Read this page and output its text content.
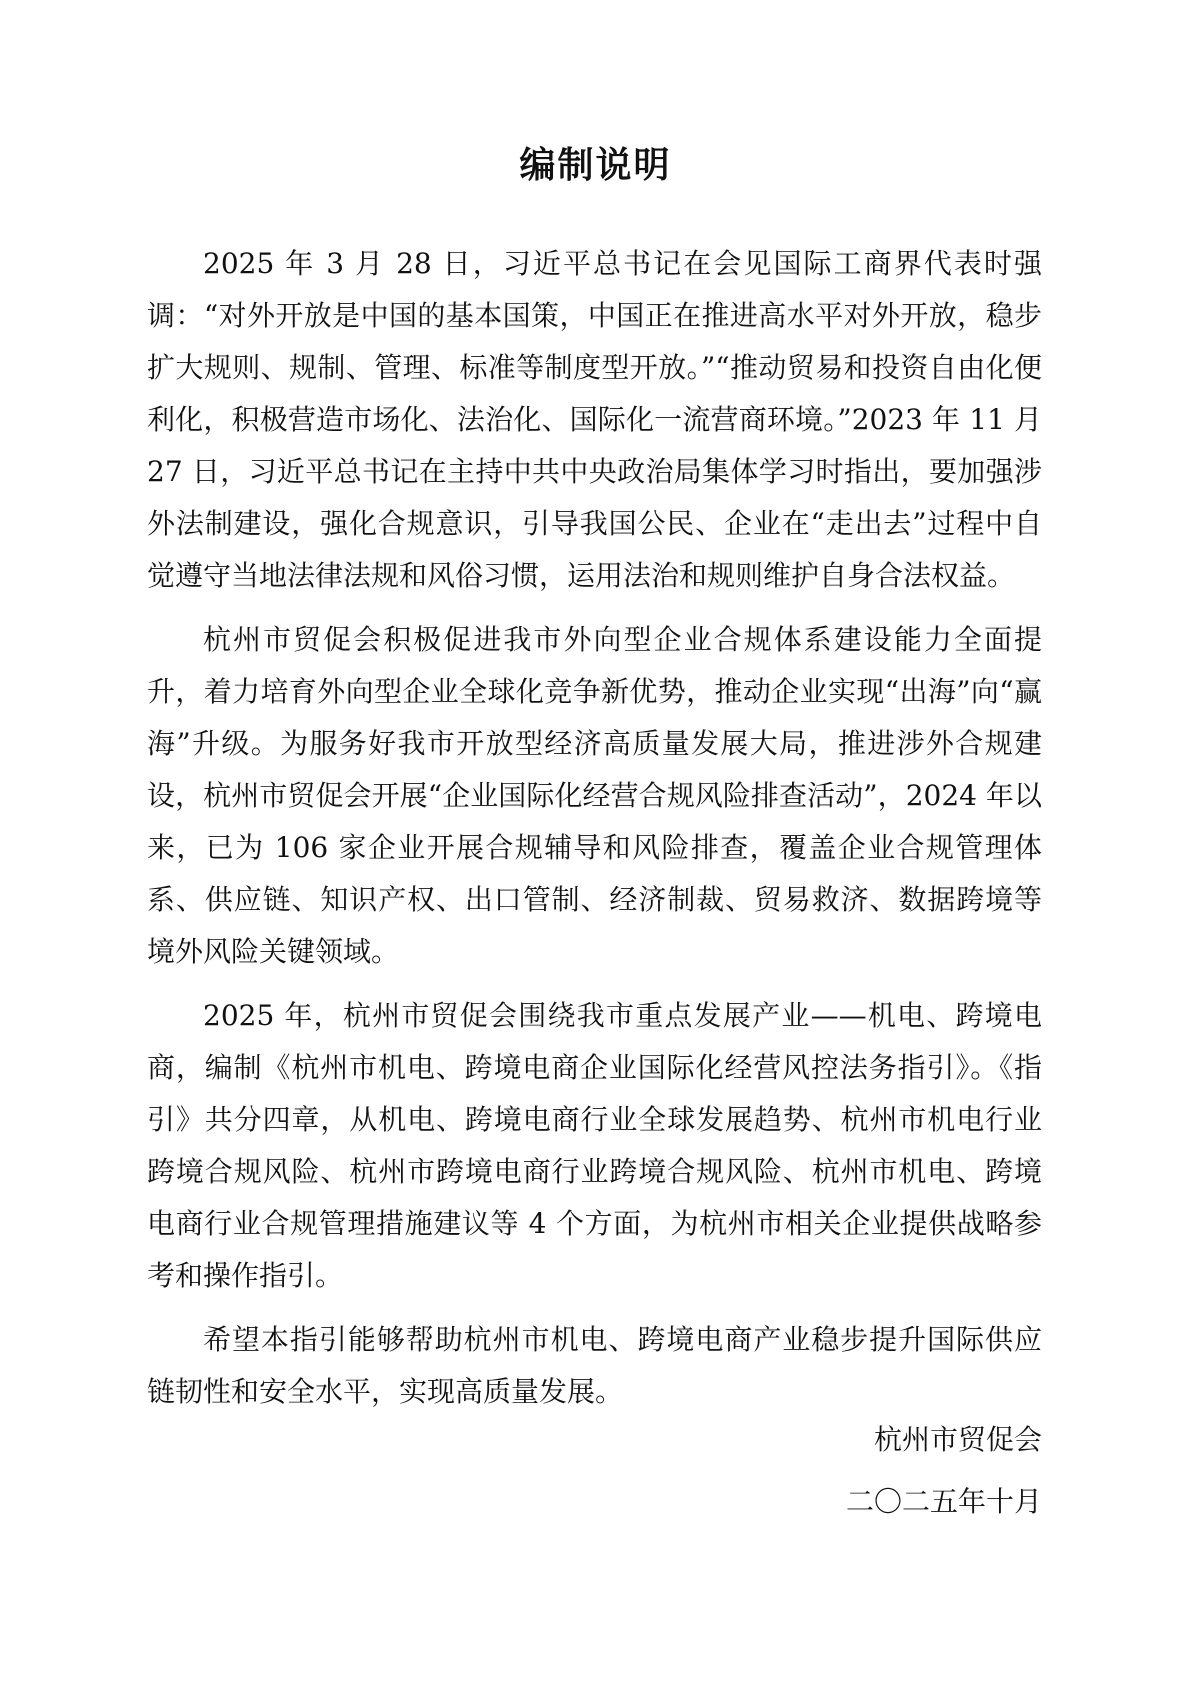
编制说明

2025 年 3 月 28 日，习近平总书记在会见国际工商界代表时强调：“对外开放是中国的基本国策，中国正在推进高水平对外开放，稳步扩大规则、规制、管理、标准等制度型开放。”“推动贸易和投资自由化便利化，积极营造市场化、法治化、国际化一流营商环境。”2023 年 11 月 27 日，习近平总书记在主持中共中央政治局集体学习时指出，要加强涉外法制建设，强化合规意识，引导我国公民、企业在“走出去”过程中自觉遵守当地法律法规和风俗习惯，运用法治和规则维护自身合法权益。

杭州市贸促会积极促进我市外向型企业合规体系建设能力全面提升，着力培育外向型企业全球化竞争新优势，推动企业实现“出海”向“赢海”升级。为服务好我市开放型经济高质量发展大局，推进涉外合规建设，杭州市贸促会开展“企业国际化经营合规风险排查活动”，2024 年以来，已为 106 家企业开展合规辅导和风险排查，覆盖企业合规管理体系、供应链、知识产权、出口管制、经济制裁、贸易救济、数据跨境等境外风险关键领域。

2025 年，杭州市贸促会围绕我市重点发展产业——机电、跨境电商，编制《杭州市机电、跨境电商企业国际化经营风控法务指引》。《指引》共分四章，从机电、跨境电商行业全球发展趋势、杭州市机电行业跨境合规风险、杭州市跨境电商行业跨境合规风险、杭州市机电、跨境电商行业合规管理措施建议等 4 个方面，为杭州市相关企业提供战略参考和操作指引。

希望本指引能够帮助杭州市机电、跨境电商产业稳步提升国际供应链韧性和安全水平，实现高质量发展。

杭州市贸促会
二〇二五年十月
